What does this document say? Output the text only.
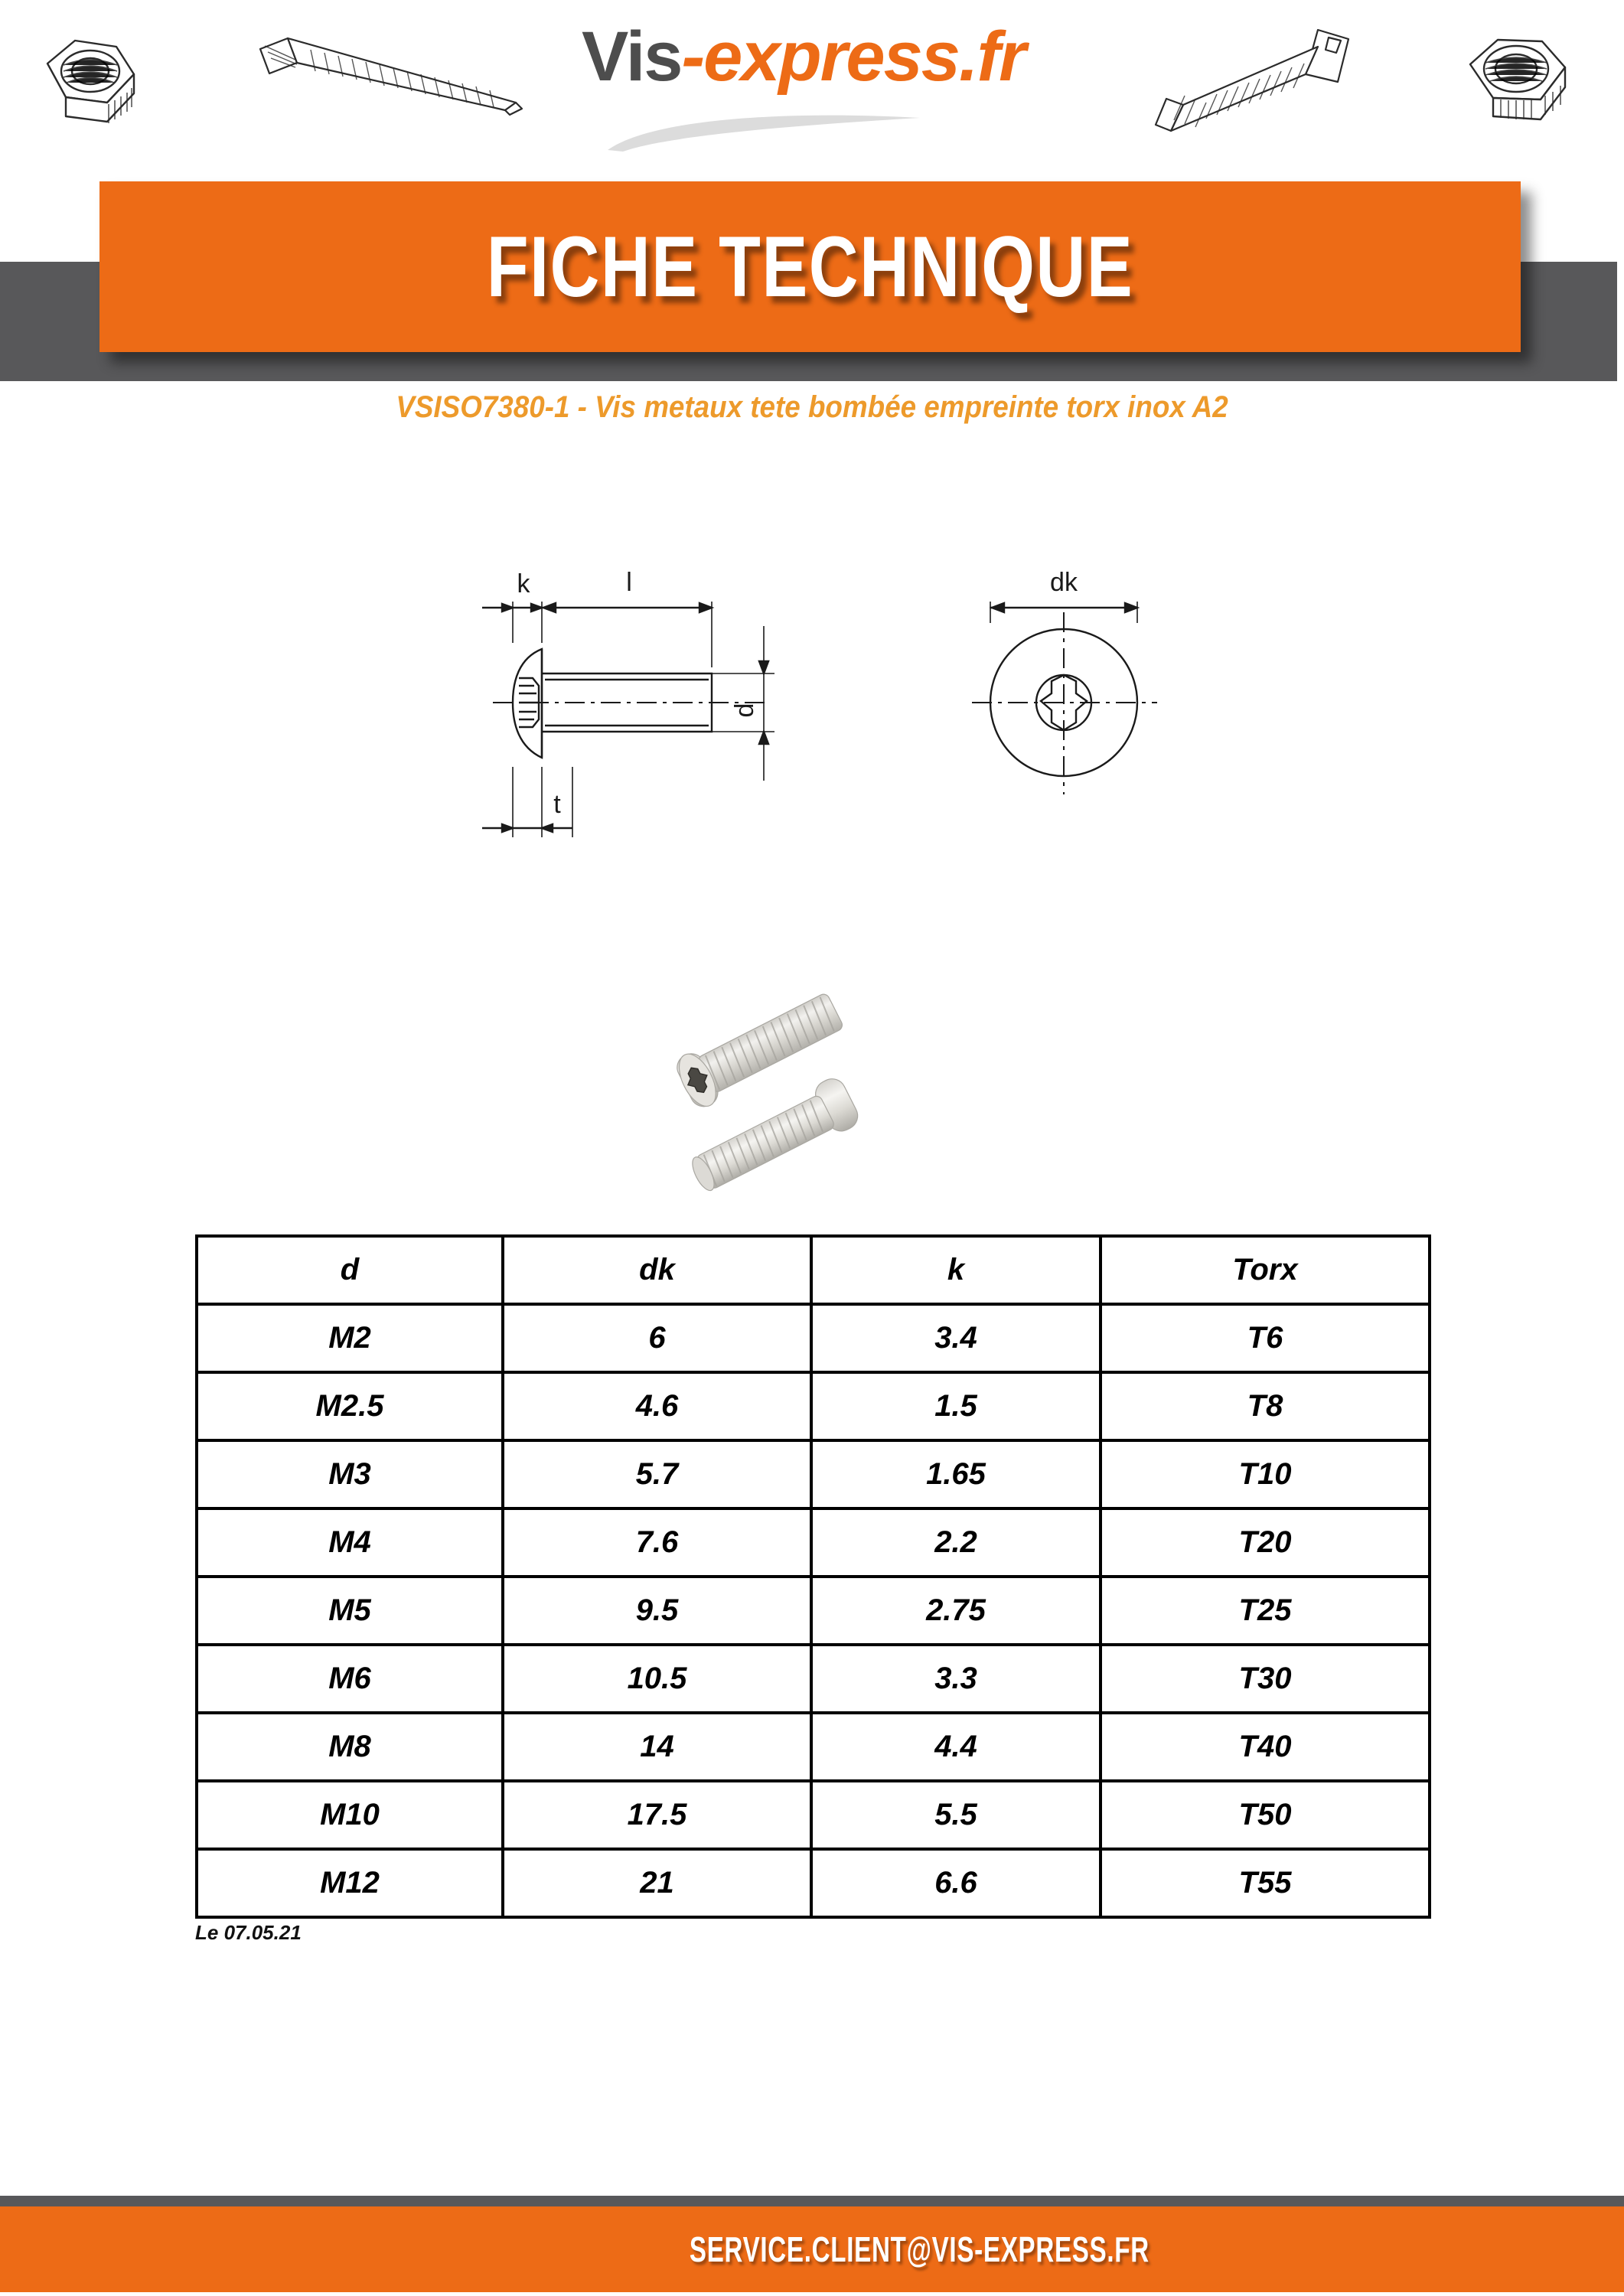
Vis-express.fr
FICHE TECHNIQUE
VSISO7380-1 - Vis metaux tete bombée empreinte torx inox A2
k	l
d
t
dk
d	dk	k	Torx
M2	6	3.4	T6
M2.5	4.6	1.5	T8
M3	5.7	1.65	T10
M4	7.6	2.2	T20
M5	9.5	2.75	T25
M6	10.5	3.3	T30
M8	14	4.4	T40
M10	17.5	5.5	T50
M12	21	6.6	T55
Le 07.05.21
SERVICE.CLIENT@VIS-EXPRESS.FR
